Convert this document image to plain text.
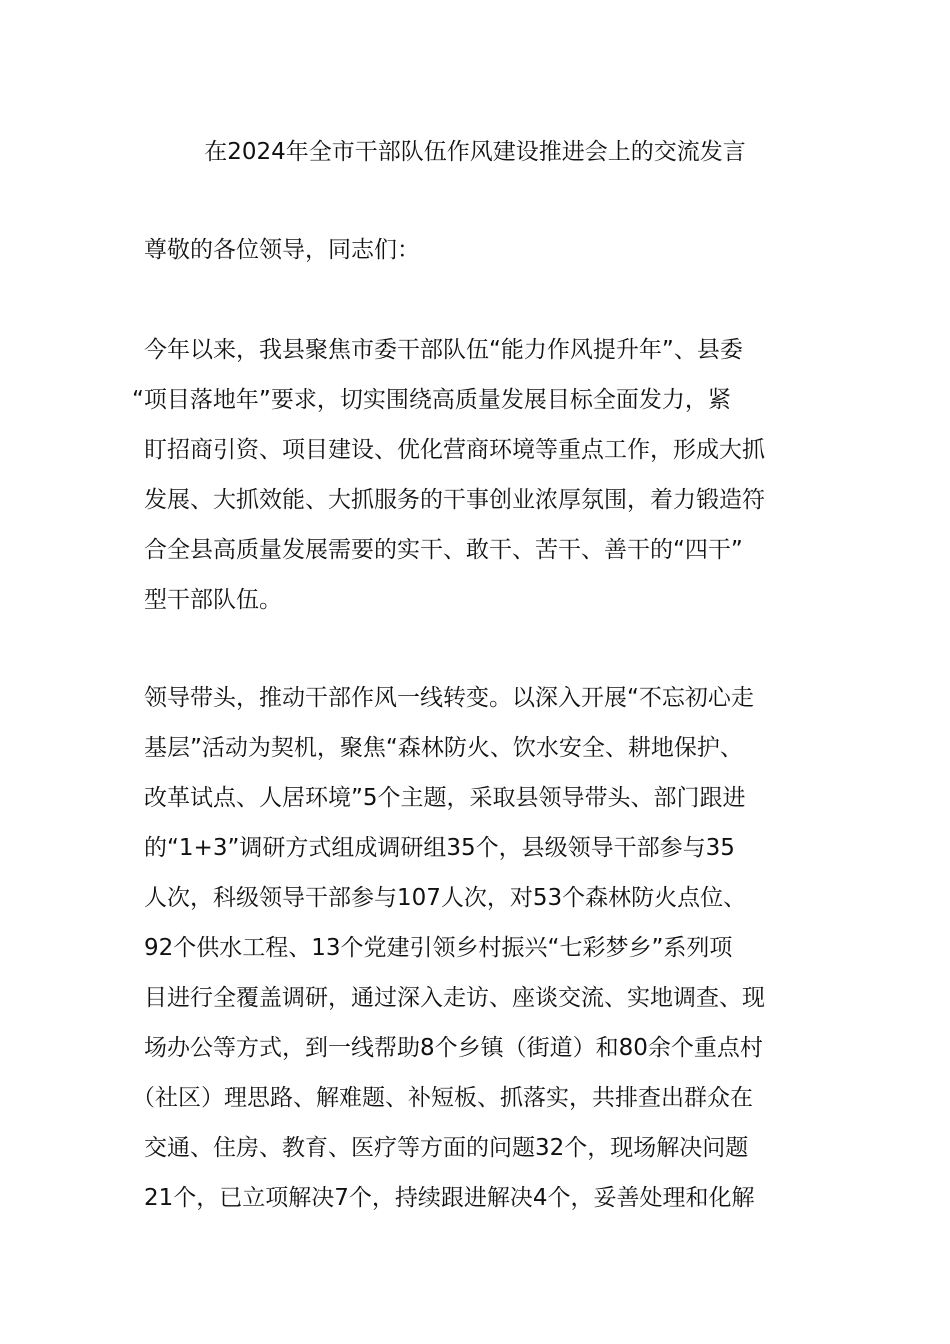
在2024年全市干部队伍作风建设推进会上的交流发言
尊敬的各位领导，同志们：
今年以来，我县聚焦市委干部队伍“能力作风提升年”、县委
“项目落地年”要求，切实围绕高质量发展目标全面发力，紧
盯招商引资、项目建设、优化营商环境等重点工作，形成大抓
发展、大抓效能、大抓服务的干事创业浓厚氛围，着力锻造符
合全县高质量发展需要的实干、敢干、苦干、善干的“四干”
型干部队伍。
领导带头，推动干部作风一线转变。以深入开展“不忘初心走
基层”活动为契机，聚焦“森林防火、饮水安全、耕地保护、
改革试点、人居环境”5个主题，采取县领导带头、部门跟进
的“1+3”调研方式组成调研组35个，县级领导干部参与35
人次，科级领导干部参与107人次，对53个森林防火点位、
92个供水工程、13个党建引领乡村振兴“七彩梦乡”系列项
目进行全覆盖调研，通过深入走访、座谈交流、实地调查、现
场办公等方式，到一线帮助8个乡镇（街道）和80余个重点村
（社区）理思路、解难题、补短板、抓落实，共排查出群众在
交通、住房、教育、医疗等方面的问题32个，现场解决问题
21个，已立项解决7个，持续跟进解决4个，妥善处理和化解
